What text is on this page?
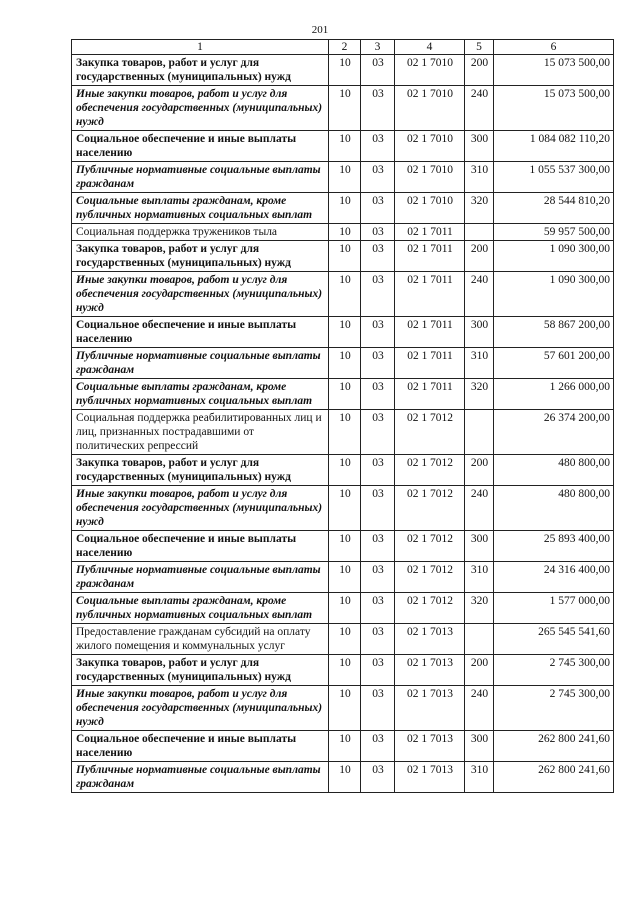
201
1	2	3	4	5	6
Закупка товаров, работ и услуг для государственных (муниципальных) нужд	10	03	02 1 7010	200	15 073 500,00
Иные закупки товаров, работ и услуг для обеспечения государственных (муниципальных) нужд	10	03	02 1 7010	240	15 073 500,00
Социальное обеспечение и иные выплаты населению	10	03	02 1 7010	300	1 084 082 110,20
Публичные нормативные социальные выплаты гражданам	10	03	02 1 7010	310	1 055 537 300,00
Социальные выплаты гражданам, кроме публичных нормативных социальных выплат	10	03	02 1 7010	320	28 544 810,20
Социальная поддержка тружеников тыла	10	03	02 1 7011		59 957 500,00
Закупка товаров, работ и услуг для государственных (муниципальных) нужд	10	03	02 1 7011	200	1 090 300,00
Иные закупки товаров, работ и услуг для обеспечения государственных (муниципальных) нужд	10	03	02 1 7011	240	1 090 300,00
Социальное обеспечение и иные выплаты населению	10	03	02 1 7011	300	58 867 200,00
Публичные нормативные социальные выплаты гражданам	10	03	02 1 7011	310	57 601 200,00
Социальные выплаты гражданам, кроме публичных нормативных социальных выплат	10	03	02 1 7011	320	1 266 000,00
Социальная поддержка реабилитированных лиц и лиц, признанных пострадавшими от политических репрессий	10	03	02 1 7012		26 374 200,00
Закупка товаров, работ и услуг для государственных (муниципальных) нужд	10	03	02 1 7012	200	480 800,00
Иные закупки товаров, работ и услуг для обеспечения государственных (муниципальных) нужд	10	03	02 1 7012	240	480 800,00
Социальное обеспечение и иные выплаты населению	10	03	02 1 7012	300	25 893 400,00
Публичные нормативные социальные выплаты гражданам	10	03	02 1 7012	310	24 316 400,00
Социальные выплаты гражданам, кроме публичных нормативных социальных выплат	10	03	02 1 7012	320	1 577 000,00
Предоставление гражданам субсидий на оплату жилого помещения и коммунальных услуг	10	03	02 1 7013		265 545 541,60
Закупка товаров, работ и услуг для государственных (муниципальных) нужд	10	03	02 1 7013	200	2 745 300,00
Иные закупки товаров, работ и услуг для обеспечения государственных (муниципальных) нужд	10	03	02 1 7013	240	2 745 300,00
Социальное обеспечение и иные выплаты населению	10	03	02 1 7013	300	262 800 241,60
Публичные нормативные социальные выплаты гражданам	10	03	02 1 7013	310	262 800 241,60
